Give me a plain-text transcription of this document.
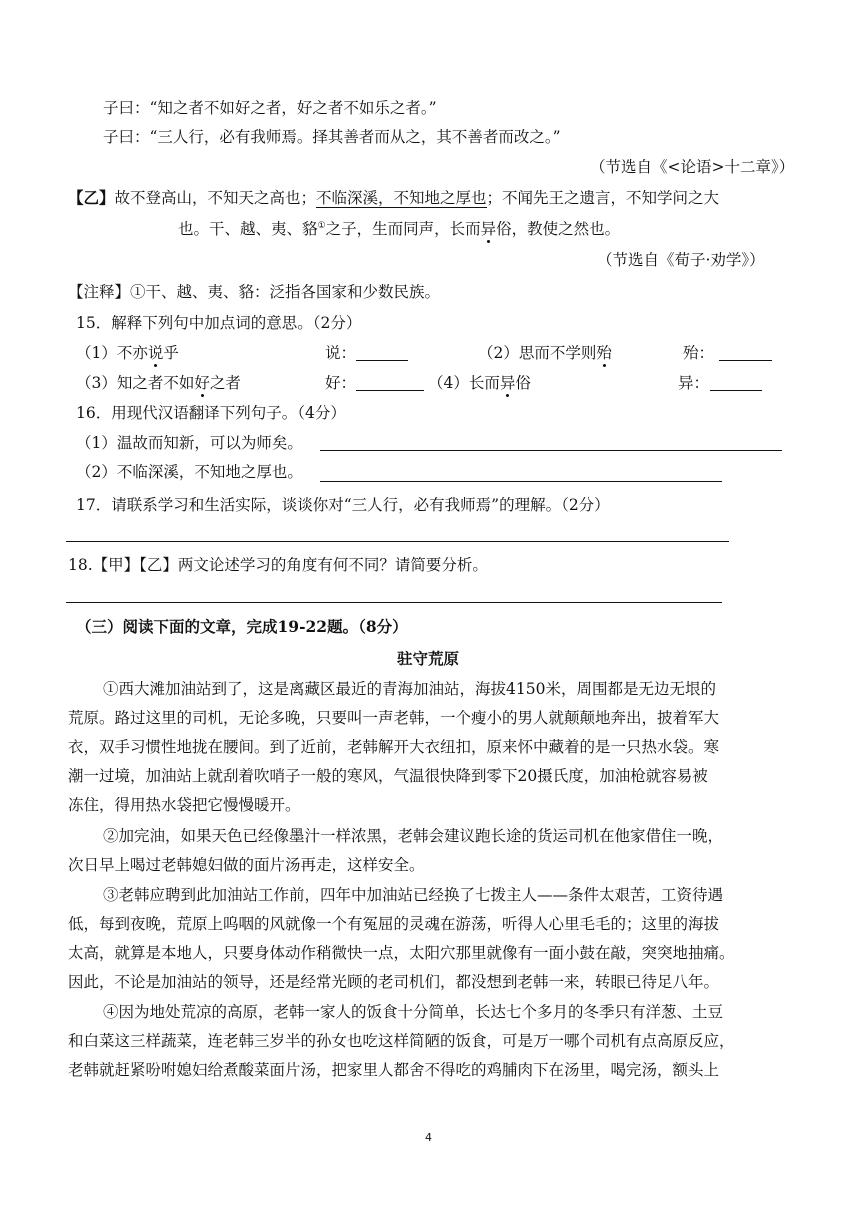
子曰：“知之者不如好之者，好之者不如乐之者。”
子曰：“三人行，必有我师焉。择其善者而从之，其不善者而改之。”
（节选自《<论语>十二章》）
【乙】故不登高山，不知天之高也；不临深溪，不知地之厚也；不闻先王之遗言，不知学问之大
也。干、越、夷、貉①之子，生而同声，长而异俗，教使之然也。
（节选自《荀子·劝学》）
【注释】①干、越、夷、貉：泛指各国家和少数民族。
15．解释下列句中加点词的意思。（2分）
（1）不亦说乎	说：	（2）思而不学则殆	殆：
（3）知之者不如好之者	好：	（4）长而异俗	异：
16．用现代汉语翻译下列句子。（4分）
（1）温故而知新，可以为师矣。
（2）不临深溪，不知地之厚也。
17．请联系学习和生活实际，谈谈你对“三人行，必有我师焉”的理解。（2分）
18.【甲】【乙】两文论述学习的角度有何不同？请简要分析。
（三）阅读下面的文章，完成19-22题。（8分）
驻守荒原
①西大滩加油站到了，这是离藏区最近的青海加油站，海拔4150米，周围都是无边无垠的
荒原。路过这里的司机，无论多晚，只要叫一声老韩，一个瘦小的男人就颠颠地奔出，披着军大
衣，双手习惯性地拢在腰间。到了近前，老韩解开大衣纽扣，原来怀中藏着的是一只热水袋。寒
潮一过境，加油站上就刮着吹哨子一般的寒风，气温很快降到零下20摄氏度，加油枪就容易被
冻住，得用热水袋把它慢慢暖开。
②加完油，如果天色已经像墨汁一样浓黑，老韩会建议跑长途的货运司机在他家借住一晚，
次日早上喝过老韩媳妇做的面片汤再走，这样安全。
③老韩应聘到此加油站工作前，四年中加油站已经换了七拨主人——条件太艰苦，工资待遇
低，每到夜晚，荒原上呜咽的风就像一个有冤屈的灵魂在游荡，听得人心里毛毛的；这里的海拔
太高，就算是本地人，只要身体动作稍微快一点，太阳穴那里就像有一面小鼓在敲，突突地抽痛。
因此，不论是加油站的领导，还是经常光顾的老司机们，都没想到老韩一来，转眼已待足八年。
④因为地处荒凉的高原，老韩一家人的饭食十分简单，长达七个多月的冬季只有洋葱、土豆
和白菜这三样蔬菜，连老韩三岁半的孙女也吃这样简陋的饭食，可是万一哪个司机有点高原反应，
老韩就赶紧吩咐媳妇给煮酸菜面片汤，把家里人都舍不得吃的鸡脯肉下在汤里，喝完汤，额头上
4
